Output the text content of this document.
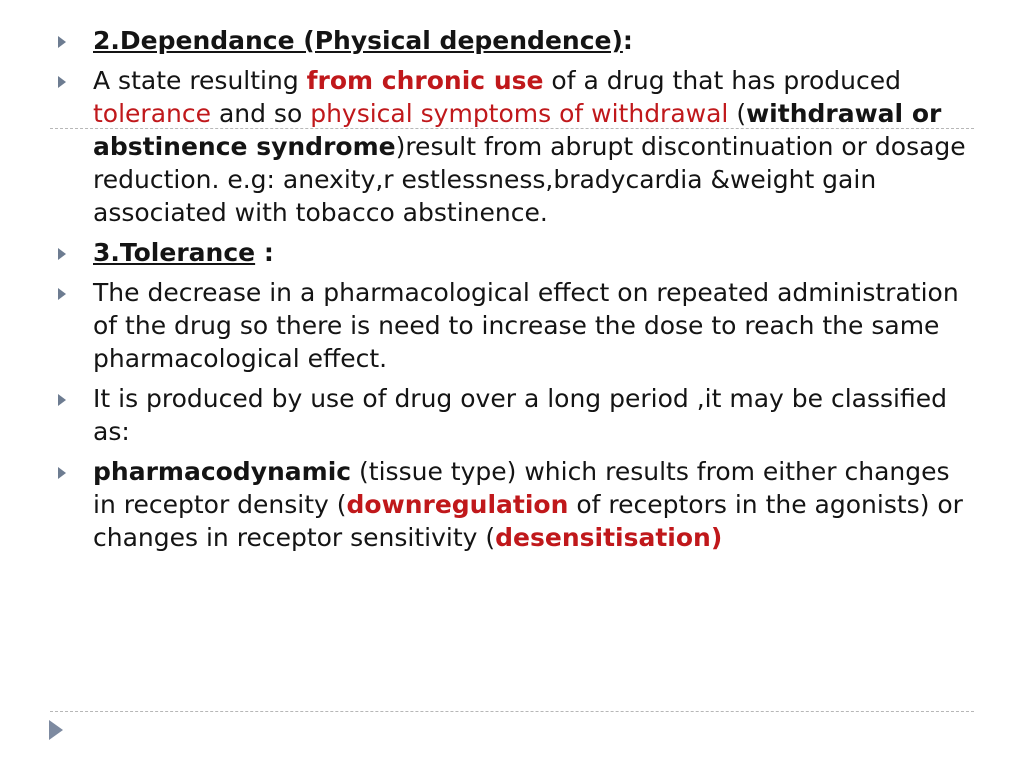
2.Dependance (Physical dependence):
A state resulting from chronic use of a drug that has produced tolerance and so physical symptoms of withdrawal (withdrawal or abstinence syndrome)result from abrupt discontinuation or dosage reduction. e.g: anexity,r estlessness,bradycardia &weight gain associated with tobacco abstinence.
3.Tolerance :
The decrease in a pharmacological effect on repeated administration of the drug so there is need to increase the dose to reach the same pharmacological effect.
It is produced by use of drug over a long period ,it may be classified as:
pharmacodynamic (tissue type) which results from either changes in receptor density (downregulation of receptors in the agonists) or changes in receptor sensitivity (desensitisation)
